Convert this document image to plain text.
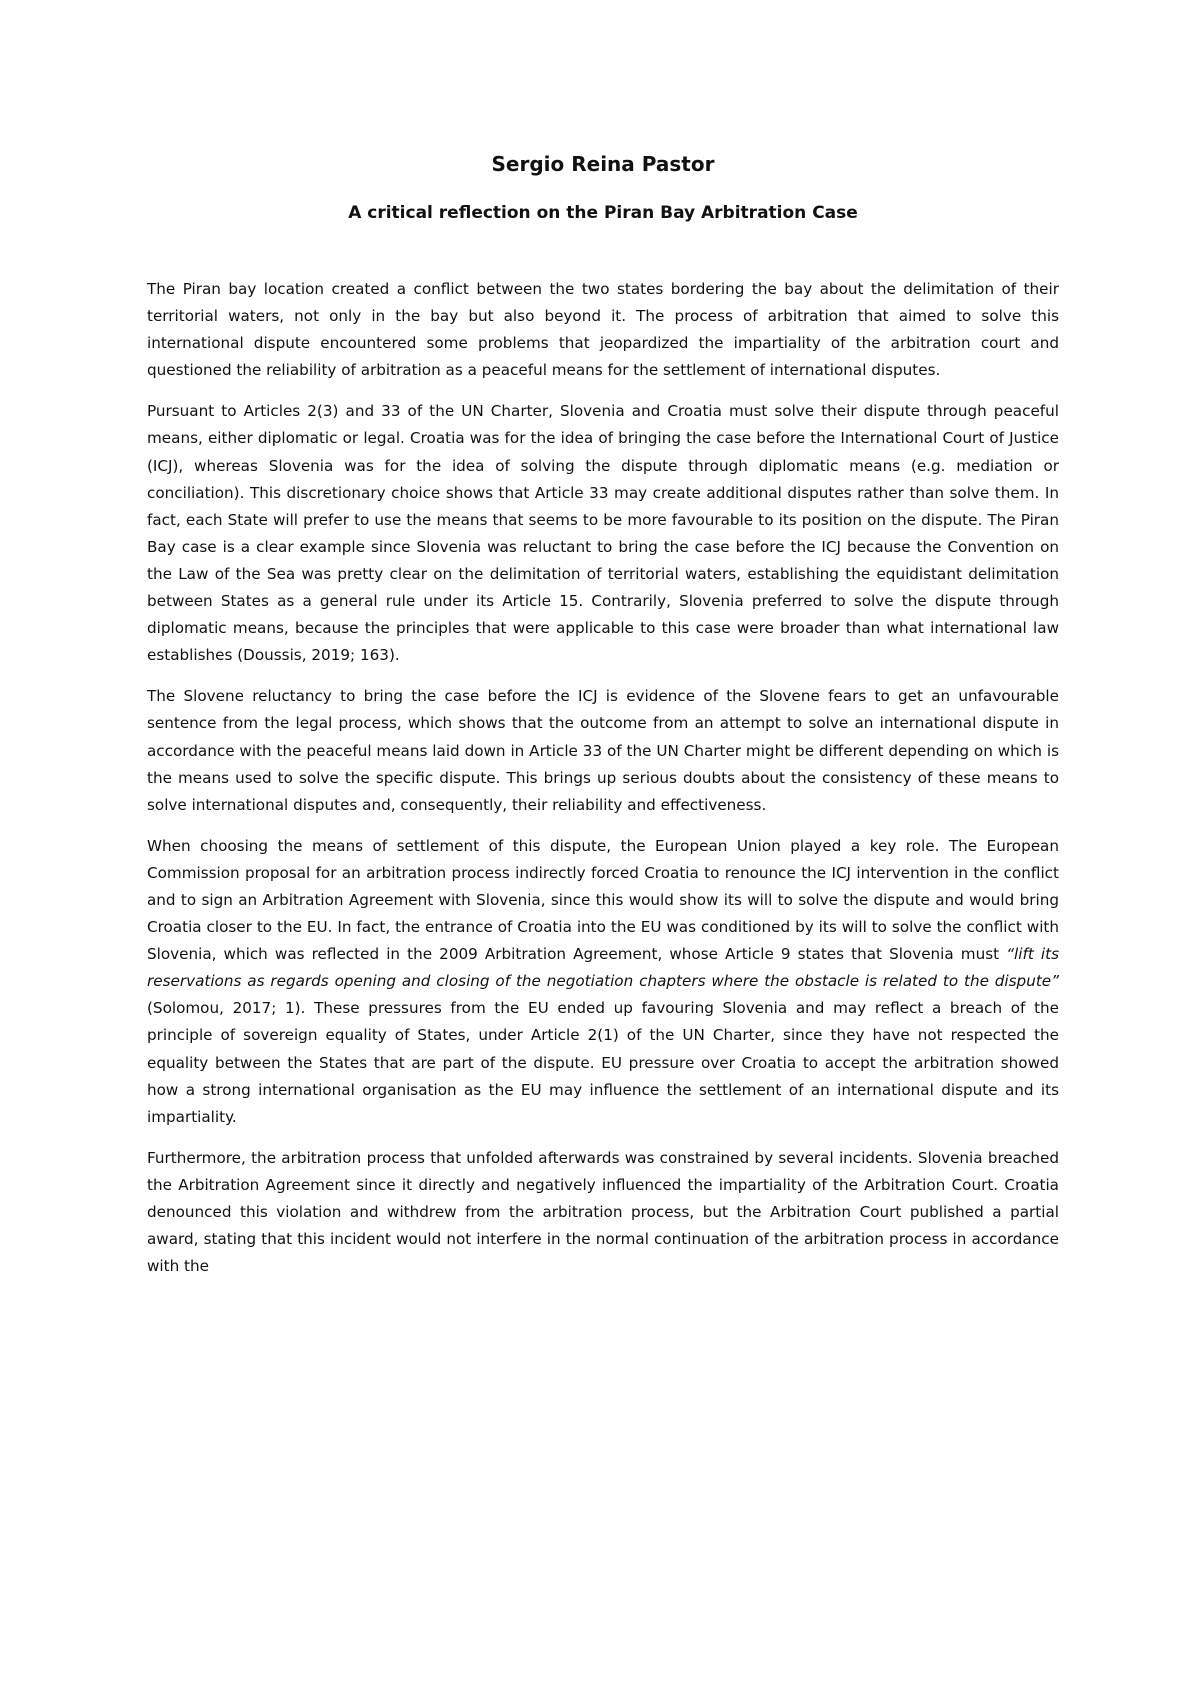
Sergio Reina Pastor
A critical reflection on the Piran Bay Arbitration Case

The Piran bay location created a conflict between the two states bordering the bay about the delimitation of their territorial waters, not only in the bay but also beyond it. The process of arbitration that aimed to solve this international dispute encountered some problems that jeopardized the impartiality of the arbitration court and questioned the reliability of arbitration as a peaceful means for the settlement of international disputes.

Pursuant to Articles 2(3) and 33 of the UN Charter, Slovenia and Croatia must solve their dispute through peaceful means, either diplomatic or legal. Croatia was for the idea of bringing the case before the International Court of Justice (ICJ), whereas Slovenia was for the idea of solving the dispute through diplomatic means (e.g. mediation or conciliation). This discretionary choice shows that Article 33 may create additional disputes rather than solve them. In fact, each State will prefer to use the means that seems to be more favourable to its position on the dispute. The Piran Bay case is a clear example since Slovenia was reluctant to bring the case before the ICJ because the Convention on the Law of the Sea was pretty clear on the delimitation of territorial waters, establishing the equidistant delimitation between States as a general rule under its Article 15. Contrarily, Slovenia preferred to solve the dispute through diplomatic means, because the principles that were applicable to this case were broader than what international law establishes (Doussis, 2019; 163).

The Slovene reluctancy to bring the case before the ICJ is evidence of the Slovene fears to get an unfavourable sentence from the legal process, which shows that the outcome from an attempt to solve an international dispute in accordance with the peaceful means laid down in Article 33 of the UN Charter might be different depending on which is the means used to solve the specific dispute. This brings up serious doubts about the consistency of these means to solve international disputes and, consequently, their reliability and effectiveness.

When choosing the means of settlement of this dispute, the European Union played a key role. The European Commission proposal for an arbitration process indirectly forced Croatia to renounce the ICJ intervention in the conflict and to sign an Arbitration Agreement with Slovenia, since this would show its will to solve the dispute and would bring Croatia closer to the EU. In fact, the entrance of Croatia into the EU was conditioned by its will to solve the conflict with Slovenia, which was reflected in the 2009 Arbitration Agreement, whose Article 9 states that Slovenia must “lift its reservations as regards opening and closing of the negotiation chapters where the obstacle is related to the dispute” (Solomou, 2017; 1). These pressures from the EU ended up favouring Slovenia and may reflect a breach of the principle of sovereign equality of States, under Article 2(1) of the UN Charter, since they have not respected the equality between the States that are part of the dispute. EU pressure over Croatia to accept the arbitration showed how a strong international organisation as the EU may influence the settlement of an international dispute and its impartiality.

Furthermore, the arbitration process that unfolded afterwards was constrained by several incidents. Slovenia breached the Arbitration Agreement since it directly and negatively influenced the impartiality of the Arbitration Court. Croatia denounced this violation and withdrew from the arbitration process, but the Arbitration Court published a partial award, stating that this incident would not interfere in the normal continuation of the arbitration process in accordance with the
